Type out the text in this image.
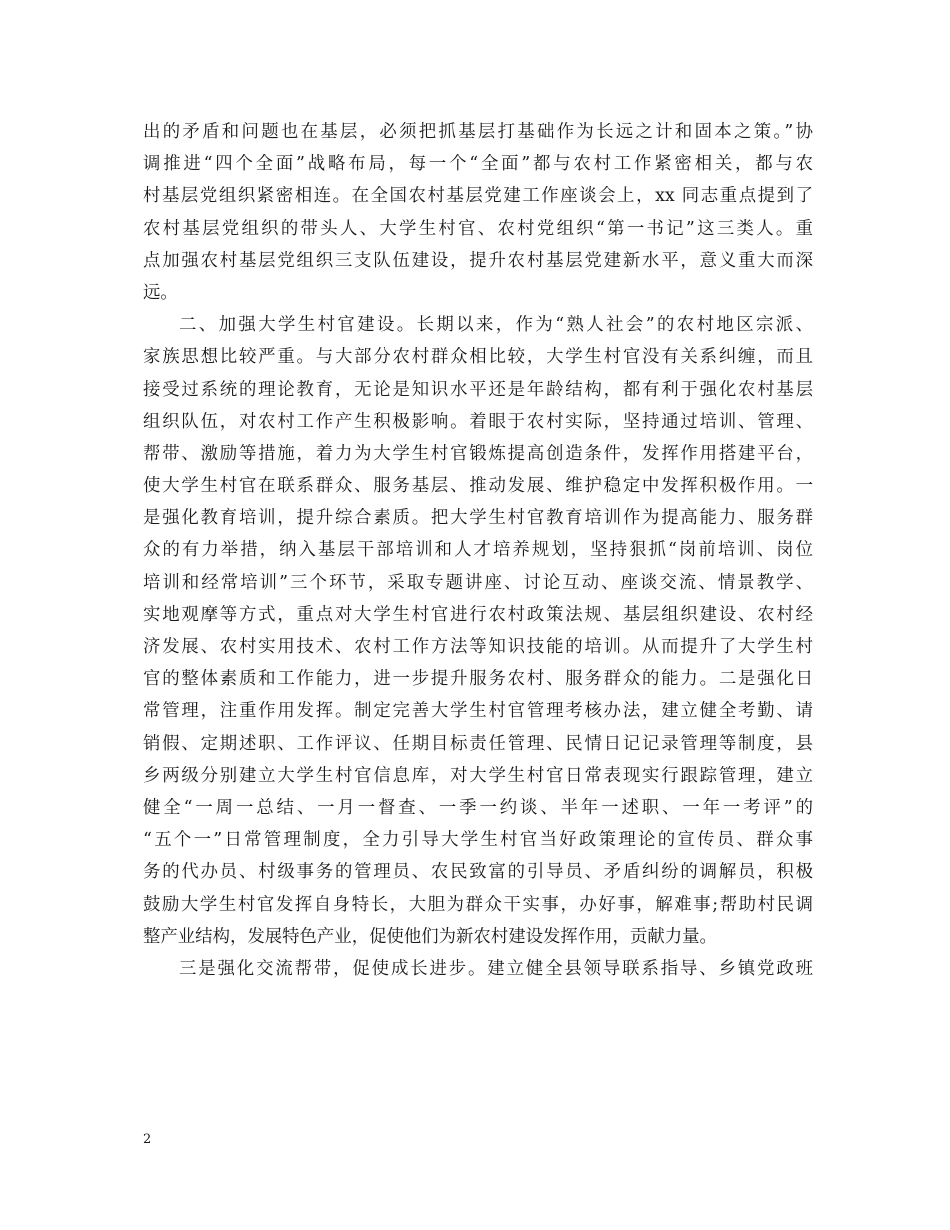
出的矛盾和问题也在基层，必须把抓基层打基础作为长远之计和固本之策。”协
调推进“四个全面”战略布局，每一个“全面”都与农村工作紧密相关，都与农
村基层党组织紧密相连。在全国农村基层党建工作座谈会上，xx 同志重点提到了
农村基层党组织的带头人、大学生村官、农村党组织“第一书记”这三类人。重
点加强农村基层党组织三支队伍建设，提升农村基层党建新水平，意义重大而深
远。
二、加强大学生村官建设。长期以来，作为“熟人社会”的农村地区宗派、
家族思想比较严重。与大部分农村群众相比较，大学生村官没有关系纠缠，而且
接受过系统的理论教育，无论是知识水平还是年龄结构，都有利于强化农村基层
组织队伍，对农村工作产生积极影响。着眼于农村实际，坚持通过培训、管理、
帮带、激励等措施，着力为大学生村官锻炼提高创造条件，发挥作用搭建平台，
使大学生村官在联系群众、服务基层、推动发展、维护稳定中发挥积极作用。一
是强化教育培训，提升综合素质。把大学生村官教育培训作为提高能力、服务群
众的有力举措，纳入基层干部培训和人才培养规划，坚持狠抓“岗前培训、岗位
培训和经常培训”三个环节，采取专题讲座、讨论互动、座谈交流、情景教学、
实地观摩等方式，重点对大学生村官进行农村政策法规、基层组织建设、农村经
济发展、农村实用技术、农村工作方法等知识技能的培训。从而提升了大学生村
官的整体素质和工作能力，进一步提升服务农村、服务群众的能力。二是强化日
常管理，注重作用发挥。制定完善大学生村官管理考核办法，建立健全考勤、请
销假、定期述职、工作评议、任期目标责任管理、民情日记记录管理等制度，县
乡两级分别建立大学生村官信息库，对大学生村官日常表现实行跟踪管理，建立
健全“一周一总结、一月一督查、一季一约谈、半年一述职、一年一考评”的
“五个一”日常管理制度，全力引导大学生村官当好政策理论的宣传员、群众事
务的代办员、村级事务的管理员、农民致富的引导员、矛盾纠纷的调解员，积极
鼓励大学生村官发挥自身特长，大胆为群众干实事，办好事，解难事;帮助村民调
整产业结构，发展特色产业，促使他们为新农村建设发挥作用，贡献力量。
三是强化交流帮带，促使成长进步。建立健全县领导联系指导、乡镇党政班
2
